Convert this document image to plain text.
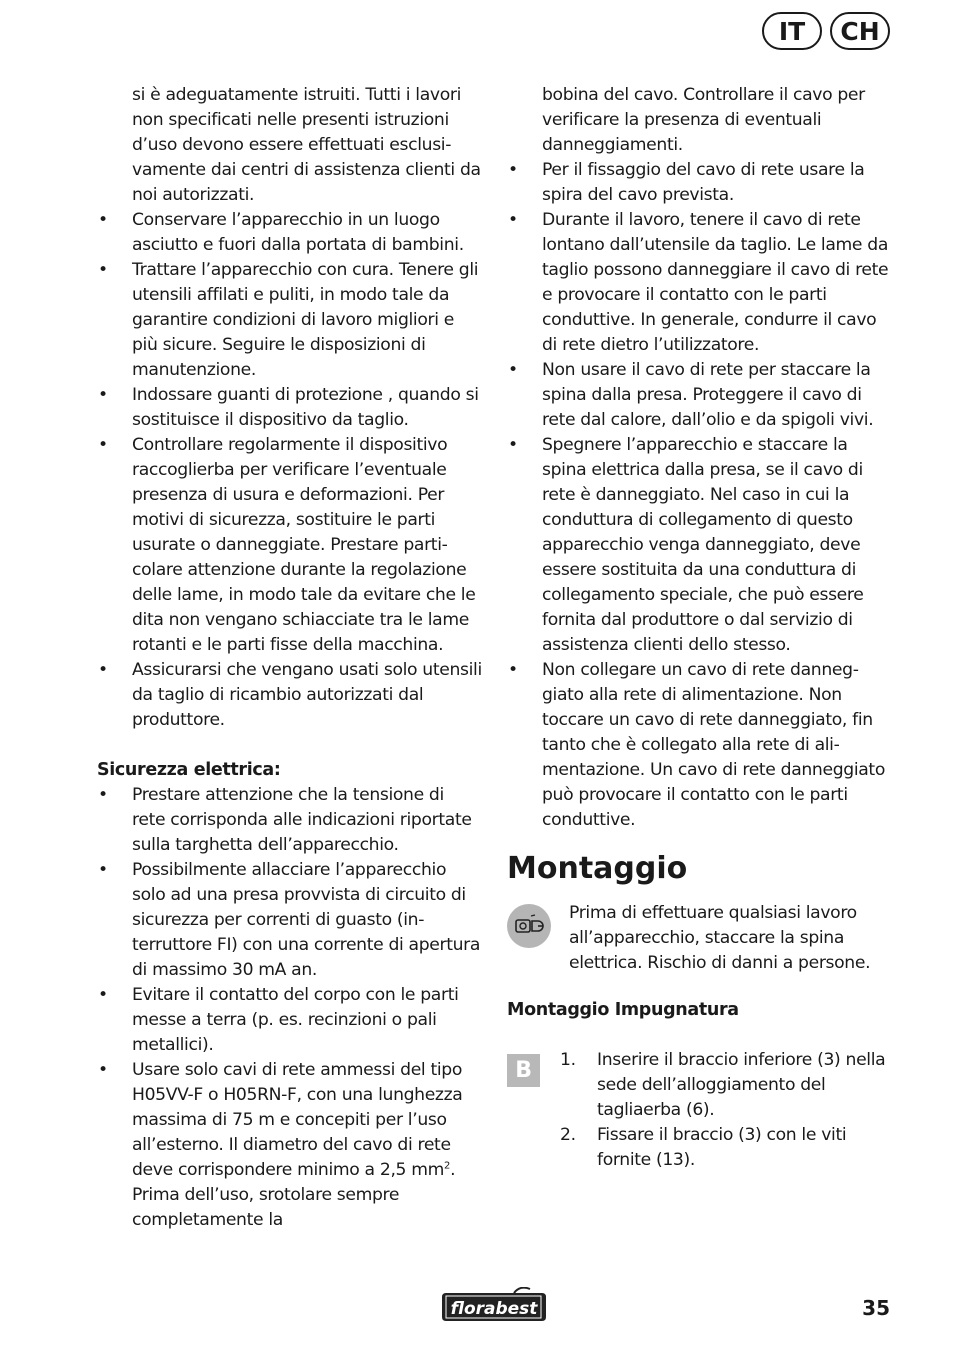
IT	CH
si è adeguatamente istruiti. Tutti i lavori non specificati nelle presenti istruzioni d’uso devono essere effettuati esclusivamente dai centri di assistenza clienti da noi autorizzati.
• Conservare l’apparecchio in un luogo asciutto e fuori dalla portata di bambini.
• Trattare l’apparecchio con cura. Tenere gli utensili affilati e puliti, in modo tale da garantire condizioni di lavoro migliori e più sicure. Seguire le disposizioni di manutenzione.
• Indossare guanti di protezione , quando si sostituisce il dispositivo da taglio.
• Controllare regolarmente il dispositivo raccoglierba per verificare l’eventuale presenza di usura e deformazioni. Per motivi di sicurezza, sostituire le parti usurate o danneggiate. Prestare particolare attenzione durante la regolazione delle lame, in modo tale da evitare che le dita non vengano schiacciate tra le lame rotanti e le parti fisse della macchina.
• Assicurarsi che vengano usati solo utensili da taglio di ricambio autorizzati dal produttore.
Sicurezza elettrica:
• Prestare attenzione che la tensione di rete corrisponda alle indicazioni riportate sulla targhetta dell’apparecchio.
• Possibilmente allacciare l’apparecchio solo ad una presa provvista di circuito di sicurezza per correnti di guasto (interruttore FI) con una corrente di apertura di massimo 30 mA an.
• Evitare il contatto del corpo con le parti messe a terra (p. es. recinzioni o pali metallici).
• Usare solo cavi di rete ammessi del tipo H05VV-F o H05RN-F, con una lunghezza massima di 75 m e concepiti per l’uso all’esterno. Il diametro del cavo di rete deve corrispondere minimo a 2,5 $mm^2$. Prima dell’uso, srotolare sempre completamente la
bobina del cavo. Controllare il cavo per verificare la presenza di eventuali danneggiamenti.
• Per il fissaggio del cavo di rete usare la spira del cavo prevista.
• Durante il lavoro, tenere il cavo di rete lontano dall’utensile da taglio. Le lame da taglio possono danneggiare il cavo di rete e provocare il contatto con le parti conduttive. In generale, condurre il cavo di rete dietro l’utilizzatore.
• Non usare il cavo di rete per staccare la spina dalla presa. Proteggere il cavo di rete dal calore, dall’olio e da spigoli vivi.
• Spegnere l’apparecchio e staccare la spina elettrica dalla presa, se il cavo di rete è danneggiato. Nel caso in cui la conduttura di collegamento di questo apparecchio venga danneggiato, deve essere sostituita da una conduttura di collegamento speciale, che può essere fornita dal produttore o dal servizio di assistenza clienti dello stesso.
• Non collegare un cavo di rete danneggiato alla rete di alimentazione. Non toccare un cavo di rete danneggiato, fin tanto che è collegato alla rete di alimentazione. Un cavo di rete danneggiato può provocare il contatto con le parti conduttive.
Montaggio
Prima di effettuare qualsiasi lavoro all’apparecchio, staccare la spina elettrica. Rischio di danni a persone.
Montaggio Impugnatura
B	1. Inserire il braccio inferiore (3) nella sede dell’alloggiamento del tagliaerba (6).
2. Fissare il braccio (3) con le viti fornite (13).
florabest	35
